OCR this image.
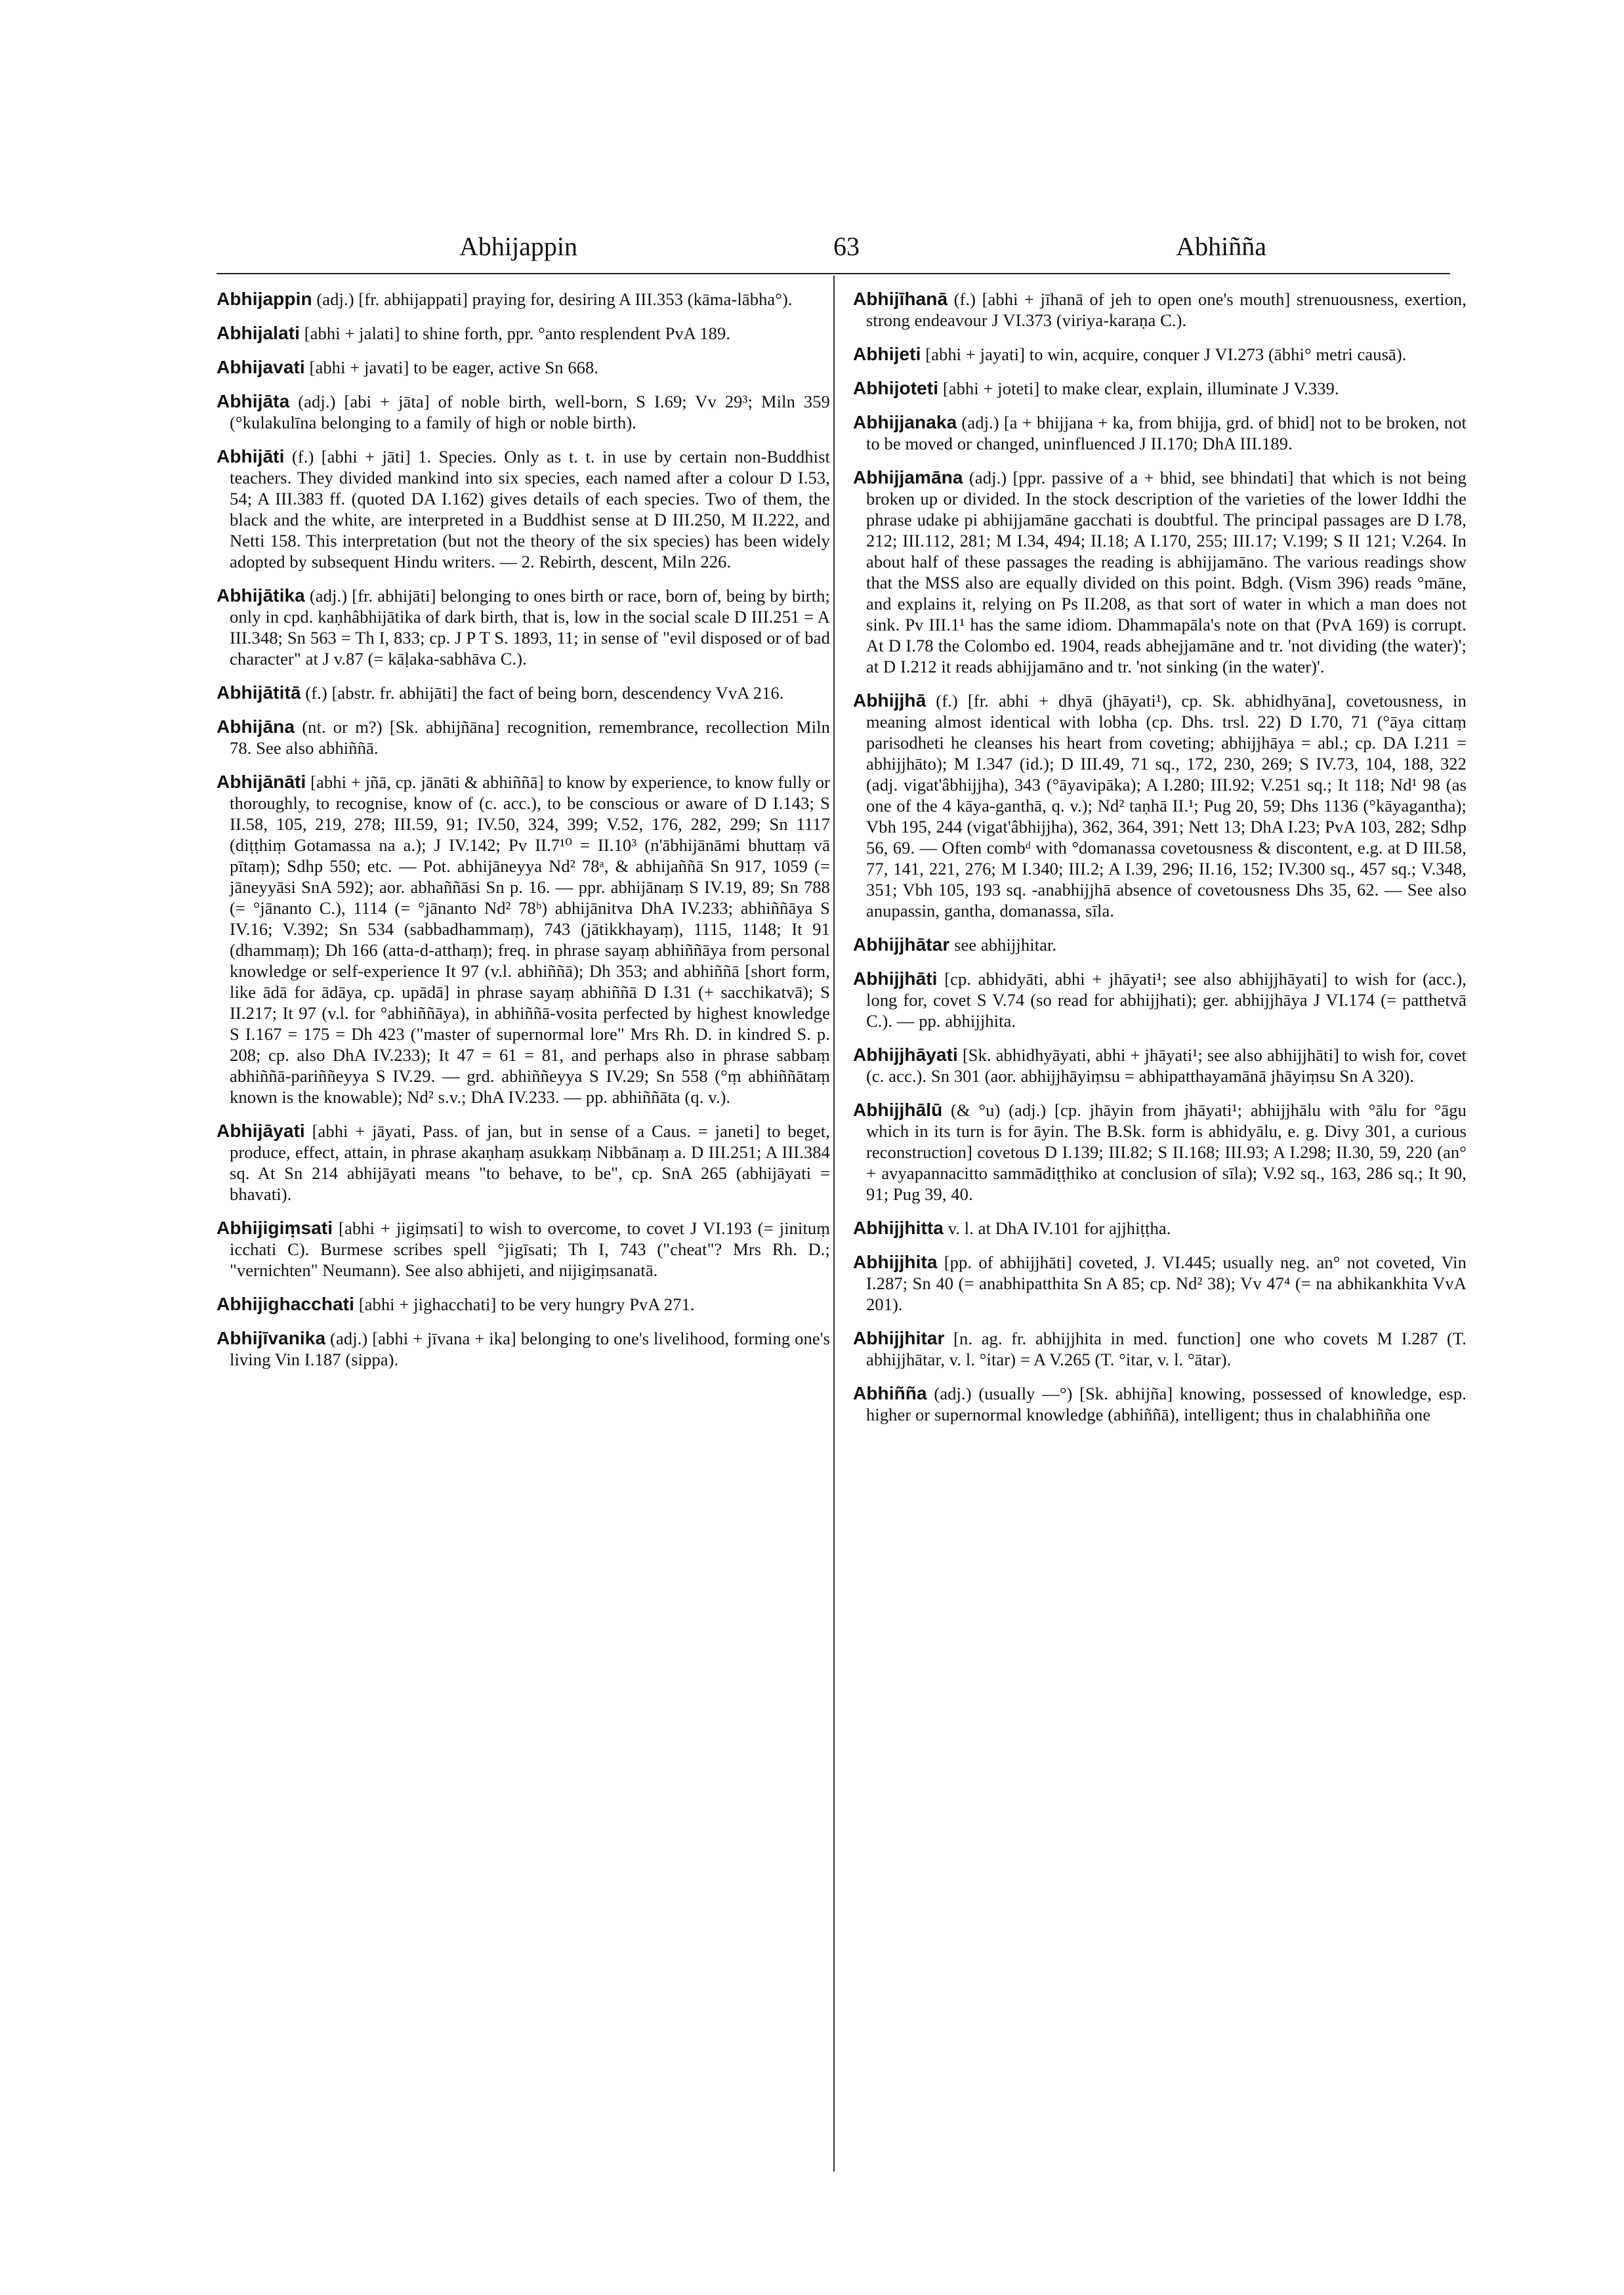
Abhijappin	63	Abhiñña

Abhijappin (adj.) [fr. abhijappati] praying for, desiring A III.353 (kāma-lābha°).

Abhijalati [abhi + jalati] to shine forth, ppr. °anto resplendent PvA 189.

Abhijavati [abhi + javati] to be eager, active Sn 668.

Abhijāta (adj.) [abi + jāta] of noble birth, well-born, S I.69; Vv 29³; Miln 359 (°kulakulīna belonging to a family of high or noble birth).

Abhijāti (f.) [abhi + jāti] 1. Species. Only as t. t. in use by certain non-Buddhist teachers. They divided mankind into six species, each named after a colour D I.53, 54; A III.383 ff. (quoted DA I.162) gives details of each species. Two of them, the black and the white, are interpreted in a Buddhist sense at D III.250, M II.222, and Netti 158. This interpretation (but not the theory of the six species) has been widely adopted by subsequent Hindu writers. — 2. Rebirth, descent, Miln 226.

Abhijātika (adj.) [fr. abhijāti] belonging to ones birth or race, born of, being by birth; only in cpd. kaṇhâbhijātika of dark birth, that is, low in the social scale D III.251 = A III.348; Sn 563 = Th I, 833; cp. J P T S. 1893, 11; in sense of "evil disposed or of bad character" at J v.87 (= kāḷaka-sabhāva C.).

Abhijātitā (f.) [abstr. fr. abhijāti] the fact of being born, descendency VvA 216.

Abhijāna (nt. or m?) [Sk. abhijñāna] recognition, remembrance, recollection Miln 78. See also abhiññā.

Abhijānāti [abhi + jñā, cp. jānāti & abhiññā] to know by experience, to know fully or thoroughly, to recognise, know of (c. acc.), to be conscious or aware of D I.143; S II.58, 105, 219, 278; III.59, 91; IV.50, 324, 399; V.52, 176, 282, 299; Sn 1117 (diṭṭhiṃ Gotamassa na a.); J IV.142; Pv II.7¹⁰ = II.10³ (n'ābhijānāmi bhuttaṃ vā pītaṃ); Sdhp 550; etc. — Pot. abhijāneyya Nd² 78ᵃ, & abhijaññā Sn 917, 1059 (= jāneyyāsi SnA 592); aor. abhaññāsi Sn p. 16. — ppr. abhijānaṃ S IV.19, 89; Sn 788 (= °jānanto C.), 1114 (= °jānanto Nd² 78ᵇ) abhijānitva DhA IV.233; abhiññāya S IV.16; V.392; Sn 534 (sabbadhammaṃ), 743 (jātikkhayaṃ), 1115, 1148; It 91 (dhammaṃ); Dh 166 (atta-d-atthaṃ); freq. in phrase sayaṃ abhiññāya from personal knowledge or self-experience It 97 (v.l. abhiññā); Dh 353; and abhiññā [short form, like ādā for ādāya, cp. upādā] in phrase sayaṃ abhiññā D I.31 (+ sacchikatvā); S II.217; It 97 (v.l. for °abhiññāya), in abhiññā-vosita perfected by highest knowledge S I.167 = 175 = Dh 423 ("master of supernormal lore" Mrs Rh. D. in kindred S. p. 208; cp. also DhA IV.233); It 47 = 61 = 81, and perhaps also in phrase sabbaṃ abhiññā-pariññeyya S IV.29. — grd. abhiññeyya S IV.29; Sn 558 (°ṃ abhiññātaṃ known is the knowable); Nd² s.v.; DhA IV.233. — pp. abhiññāta (q. v.).

Abhijāyati [abhi + jāyati, Pass. of jan, but in sense of a Caus. = janeti] to beget, produce, effect, attain, in phrase akaṇhaṃ asukkaṃ Nibbānaṃ a. D III.251; A III.384 sq. At Sn 214 abhijāyati means "to behave, to be", cp. SnA 265 (abhijāyati = bhavati).

Abhijigiṃsati [abhi + jigiṃsati] to wish to overcome, to covet J VI.193 (= jinituṃ icchati C). Burmese scribes spell °jigīsati; Th I, 743 ("cheat"? Mrs Rh. D.; "vernichten" Neumann). See also abhijeti, and nijigiṃsanatā.

Abhijighacchati [abhi + jighacchati] to be very hungry PvA 271.

Abhijīvanika (adj.) [abhi + jīvana + ika] belonging to one's livelihood, forming one's living Vin I.187 (sippa).

Abhijīhanā (f.) [abhi + jīhanā of jeh to open one's mouth] strenuousness, exertion, strong endeavour J VI.373 (viriya-karaṇa C.).

Abhijeti [abhi + jayati] to win, acquire, conquer J VI.273 (ābhi° metri causā).

Abhijoteti [abhi + joteti] to make clear, explain, illuminate J V.339.

Abhijjanaka (adj.) [a + bhijjana + ka, from bhijja, grd. of bhid] not to be broken, not to be moved or changed, uninfluenced J II.170; DhA III.189.

Abhijjamāna (adj.) [ppr. passive of a + bhid, see bhindati] that which is not being broken up or divided. In the stock description of the varieties of the lower Iddhi the phrase udake pi abhijjamāne gacchati is doubtful. The principal passages are D I.78, 212; III.112, 281; M I.34, 494; II.18; A I.170, 255; III.17; V.199; S II 121; V.264. In about half of these passages the reading is abhijjamāno. The various readings show that the MSS also are equally divided on this point. Bdgh. (Vism 396) reads °māne, and explains it, relying on Ps II.208, as that sort of water in which a man does not sink. Pv III.1¹ has the same idiom. Dhammapāla's note on that (PvA 169) is corrupt. At D I.78 the Colombo ed. 1904, reads abhejjamāne and tr. 'not dividing (the water)'; at D I.212 it reads abhijjamāno and tr. 'not sinking (in the water)'.

Abhijjhā (f.) [fr. abhi + dhyā (jhāyati¹), cp. Sk. abhidhyāna], covetousness, in meaning almost identical with lobha (cp. Dhs. trsl. 22) D I.70, 71 (°āya cittaṃ parisodheti he cleanses his heart from coveting; abhijjhāya = abl.; cp. DA I.211 = abhijjhāto); M I.347 (id.); D III.49, 71 sq., 172, 230, 269; S IV.73, 104, 188, 322 (adj. vigat'âbhijjha), 343 (°āyavipāka); A I.280; III.92; V.251 sq.; It 118; Nd¹ 98 (as one of the 4 kāya-ganthā, q. v.); Nd² taṇhā II.¹; Pug 20, 59; Dhs 1136 (°kāyagantha); Vbh 195, 244 (vigat'âbhijjha), 362, 364, 391; Nett 13; DhA I.23; PvA 103, 282; Sdhp 56, 69. — Often combᵈ with °domanassa covetousness & discontent, e.g. at D III.58, 77, 141, 221, 276; M I.340; III.2; A I.39, 296; II.16, 152; IV.300 sq., 457 sq.; V.348, 351; Vbh 105, 193 sq. -anabhijjhā absence of covetousness Dhs 35, 62. — See also anupassin, gantha, domanassa, sīla.

Abhijjhātar see abhijjhitar.

Abhijjhāti [cp. abhidyāti, abhi + jhāyati¹; see also abhijjhāyati] to wish for (acc.), long for, covet S V.74 (so read for abhijjhati); ger. abhijjhāya J VI.174 (= patthetvā C.). — pp. abhijjhita.

Abhijjhāyati [Sk. abhidhyāyati, abhi + jhāyati¹; see also abhijjhāti] to wish for, covet (c. acc.). Sn 301 (aor. abhijjhāyiṃsu = abhipatthayamānā jhāyiṃsu Sn A 320).

Abhijjhālū (& °u) (adj.) [cp. jhāyin from jhāyati¹; abhijjhālu with °ālu for °āgu which in its turn is for āyin. The B.Sk. form is abhidyālu, e. g. Divy 301, a curious reconstruction] covetous D I.139; III.82; S II.168; III.93; A I.298; II.30, 59, 220 (an° + avyapannacitto sammādiṭṭhiko at conclusion of sīla); V.92 sq., 163, 286 sq.; It 90, 91; Pug 39, 40.

Abhijjhitta v. l. at DhA IV.101 for ajjhiṭṭha.

Abhijjhita [pp. of abhijjhāti] coveted, J. VI.445; usually neg. an° not coveted, Vin I.287; Sn 40 (= anabhipatthita Sn A 85; cp. Nd² 38); Vv 47⁴ (= na abhikankhita VvA 201).

Abhijjhitar [n. ag. fr. abhijjhita in med. function] one who covets M I.287 (T. abhijjhātar, v. l. °itar) = A V.265 (T. °itar, v. l. °ātar).

Abhiñña (adj.) (usually —°) [Sk. abhijña] knowing, possessed of knowledge, esp. higher or supernormal knowledge (abhiññā), intelligent; thus in chalabhiñña one
